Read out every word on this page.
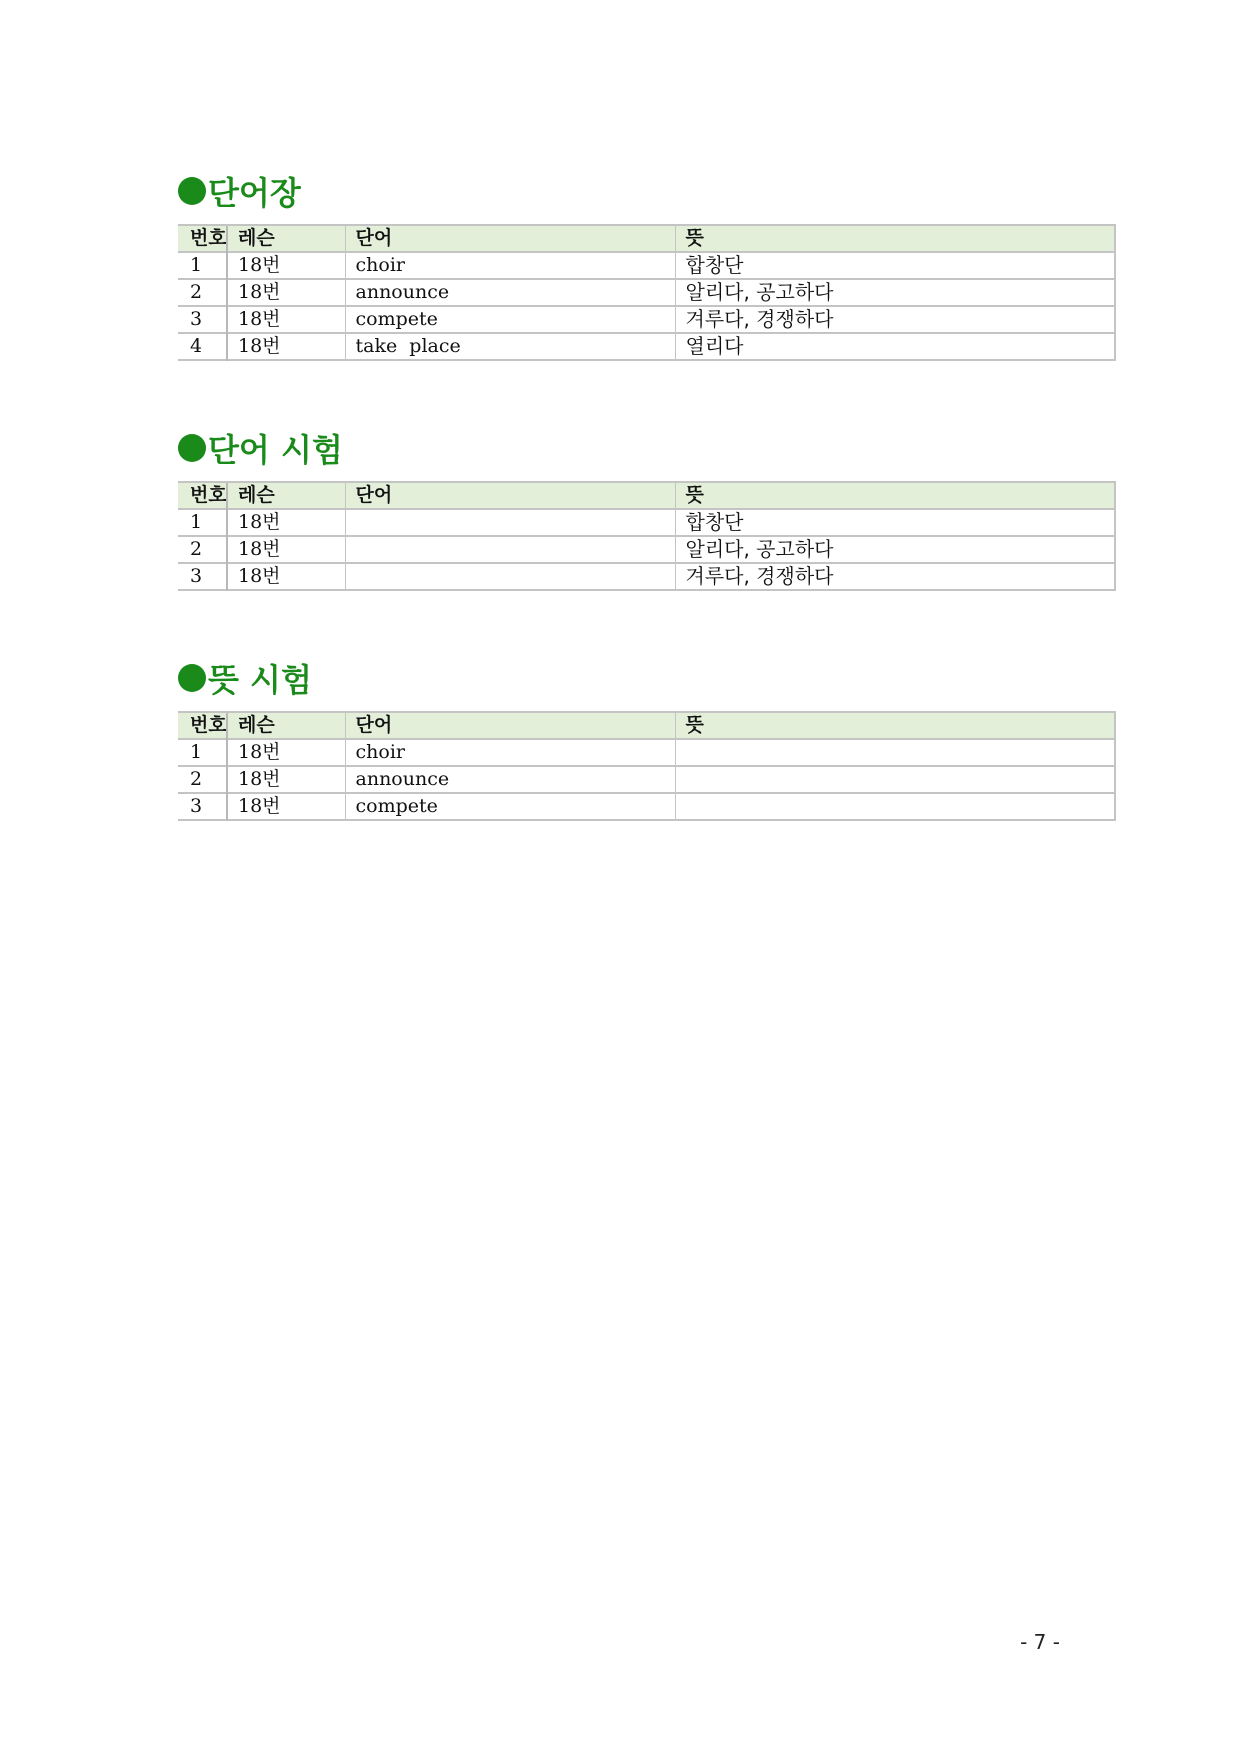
단어장
번호	레슨	단어	뜻
1	18번	choir	합창단
2	18번	announce	알리다, 공고하다
3	18번	compete	겨루다, 경쟁하다
4	18번	take  place	열리다
단어 시험
번호	레슨	단어	뜻
1	18번		합창단
2	18번		알리다, 공고하다
3	18번		겨루다, 경쟁하다
뜻 시험
번호	레슨	단어	뜻
1	18번	choir	
2	18번	announce	
3	18번	compete	
- 7 -
